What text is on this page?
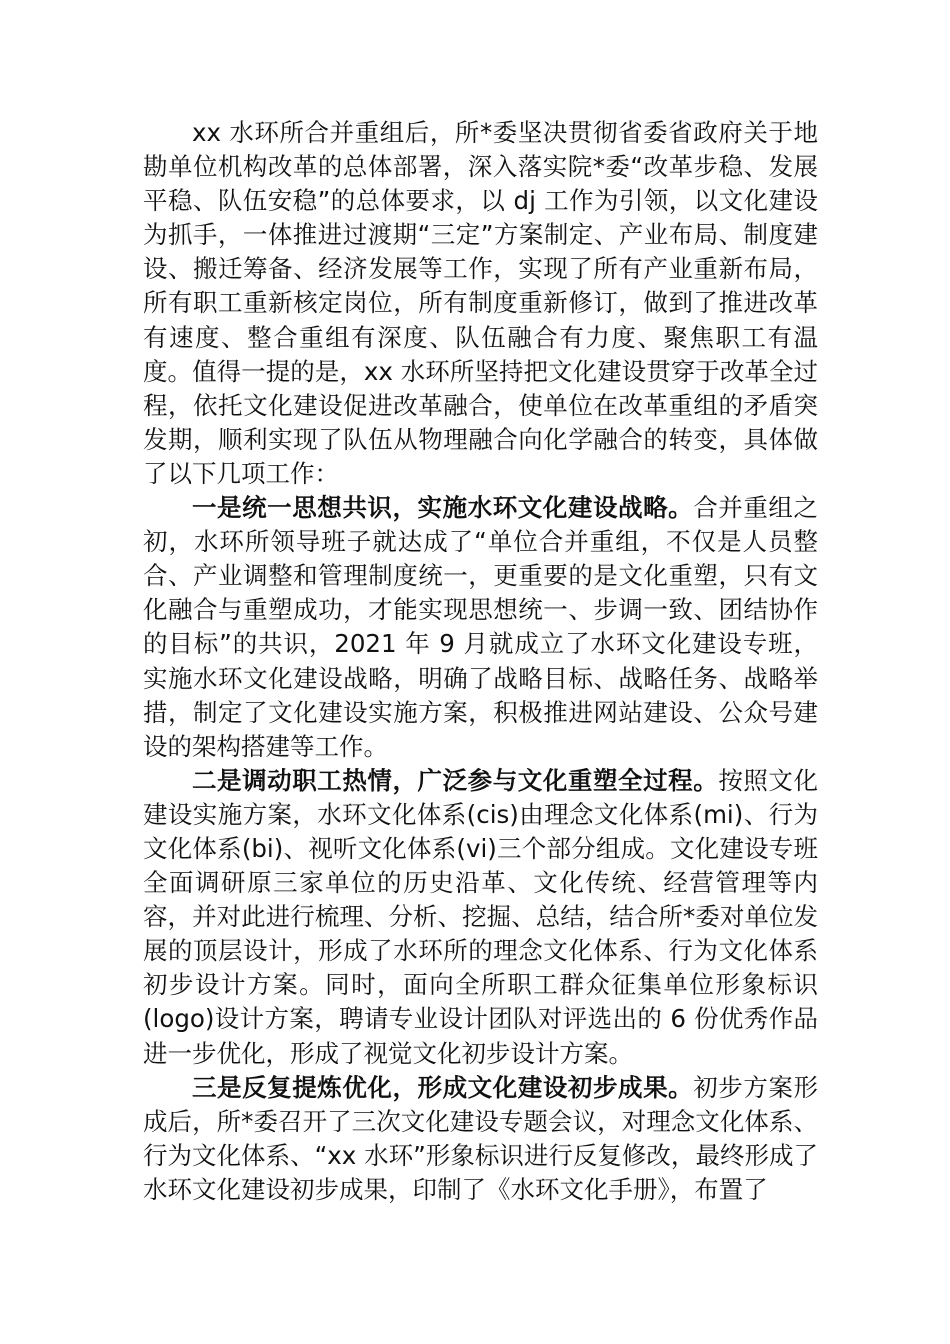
xx 水环所合并重组后，所*委坚决贯彻省委省政府关于地勘单位机构改革的总体部署，深入落实院*委“改革步稳、发展平稳、队伍安稳”的总体要求，以 dj 工作为引领，以文化建设为抓手，一体推进过渡期“三定”方案制定、产业布局、制度建设、搬迁筹备、经济发展等工作，实现了所有产业重新布局，所有职工重新核定岗位，所有制度重新修订，做到了推进改革有速度、整合重组有深度、队伍融合有力度、聚焦职工有温度。值得一提的是，xx 水环所坚持把文化建设贯穿于改革全过程，依托文化建设促进改革融合，使单位在改革重组的矛盾突发期，顺利实现了队伍从物理融合向化学融合的转变，具体做了以下几项工作：

一是统一思想共识，实施水环文化建设战略。合并重组之初，水环所领导班子就达成了“单位合并重组，不仅是人员整合、产业调整和管理制度统一，更重要的是文化重塑，只有文化融合与重塑成功，才能实现思想统一、步调一致、团结协作的目标”的共识，2021 年 9 月就成立了水环文化建设专班，实施水环文化建设战略，明确了战略目标、战略任务、战略举措，制定了文化建设实施方案，积极推进网站建设、公众号建设的架构搭建等工作。

二是调动职工热情，广泛参与文化重塑全过程。按照文化建设实施方案，水环文化体系(cis)由理念文化体系(mi)、行为文化体系(bi)、视听文化体系(vi)三个部分组成。文化建设专班全面调研原三家单位的历史沿革、文化传统、经营管理等内容，并对此进行梳理、分析、挖掘、总结，结合所*委对单位发展的顶层设计，形成了水环所的理念文化体系、行为文化体系初步设计方案。同时，面向全所职工群众征集单位形象标识(logo)设计方案，聘请专业设计团队对评选出的 6 份优秀作品进一步优化，形成了视觉文化初步设计方案。

三是反复提炼优化，形成文化建设初步成果。初步方案形成后，所*委召开了三次文化建设专题会议，对理念文化体系、行为文化体系、“xx 水环”形象标识进行反复修改，最终形成了水环文化建设初步成果，印制了《水环文化手册》，布置了
